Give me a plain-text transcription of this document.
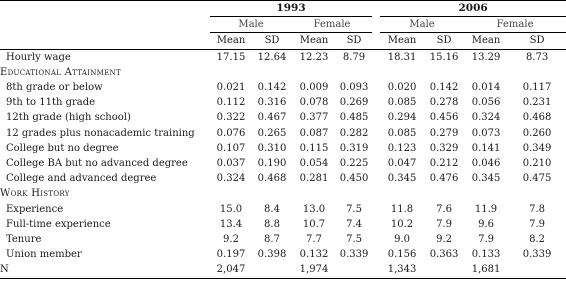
	1993					2006			
	Male		Female			Male		Female	
	Mean	SD	Mean	SD		Mean	SD	Mean	SD
Hourly wage	17.15	12.64	12.23	8.79		18.31	15.16	13.29	8.73
Educational Attainment									
8th grade or below	0.021	0.142	0.009	0.093		0.020	0.142	0.014	0.117
9th to 11th grade	0.112	0.316	0.078	0.269		0.085	0.278	0.056	0.231
12th grade (high school)	0.322	0.467	0.377	0.485		0.294	0.456	0.324	0.468
12 grades plus nonacademic training	0.076	0.265	0.087	0.282		0.085	0.279	0.073	0.260
College but no degree	0.107	0.310	0.115	0.319		0.123	0.329	0.141	0.349
College BA but no advanced degree	0.037	0.190	0.054	0.225		0.047	0.212	0.046	0.210
College and advanced degree	0.324	0.468	0.281	0.450		0.345	0.476	0.345	0.475
Work History									
Experience	15.0	8.4	13.0	7.5		11.8	7.6	11.9	7.8
Full-time experience	13.4	8.8	10.7	7.4		10.2	7.9	9.6	7.9
Tenure	9.2	8.7	7.7	7.5		9.0	9.2	7.9	8.2
Union member	0.197	0.398	0.132	0.339		0.156	0.363	0.133	0.339
N	2,047		1,974			1,343		1,681	
